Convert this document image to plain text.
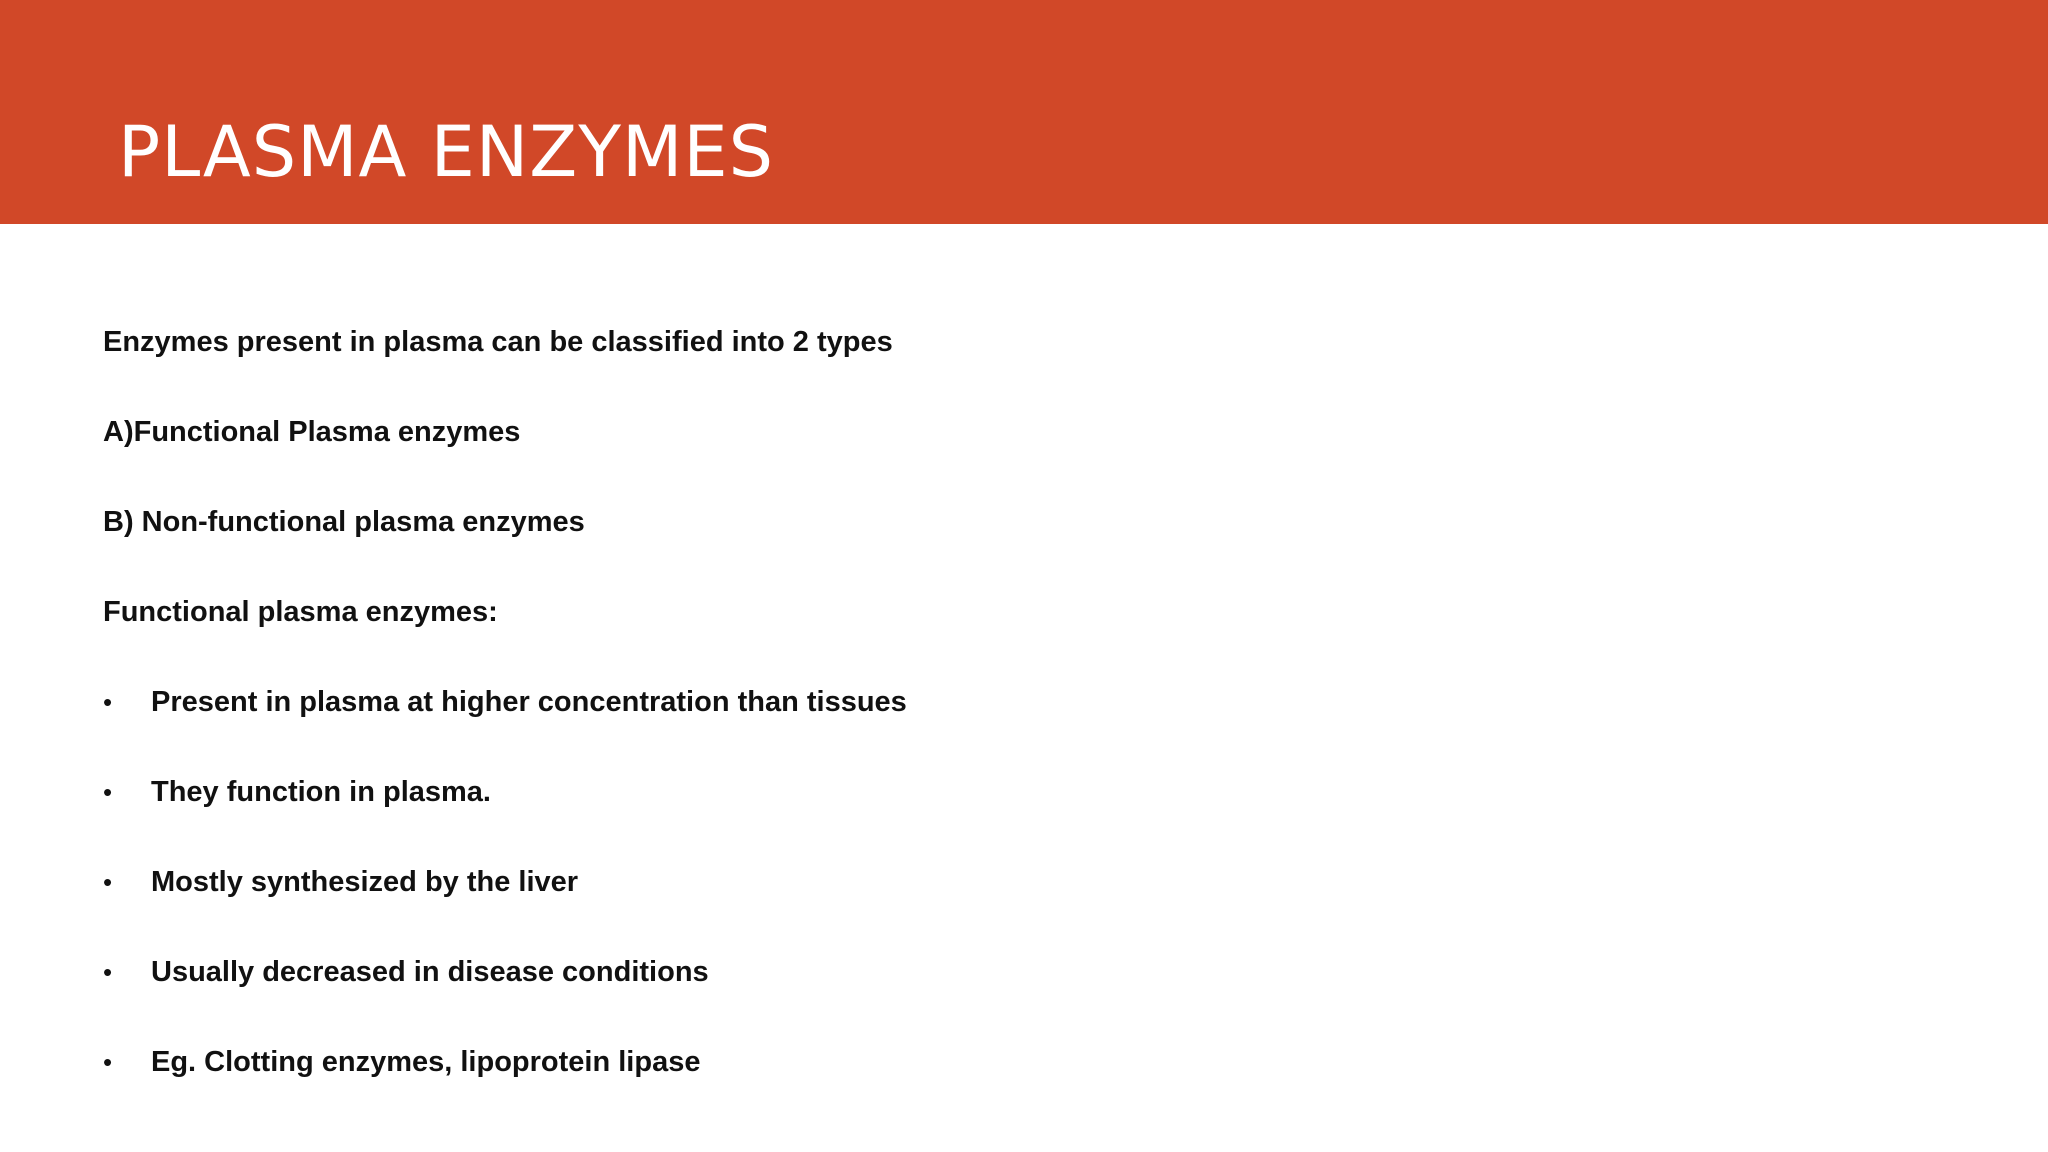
PLASMA ENZYMES

Enzymes present in plasma can be classified into 2 types

A)Functional Plasma enzymes

B) Non-functional plasma enzymes

Functional plasma enzymes:

•	Present in plasma at higher concentration than tissues
•	They function in plasma.
•	Mostly synthesized by the liver
•	Usually decreased in disease conditions
•	Eg. Clotting enzymes, lipoprotein lipase
